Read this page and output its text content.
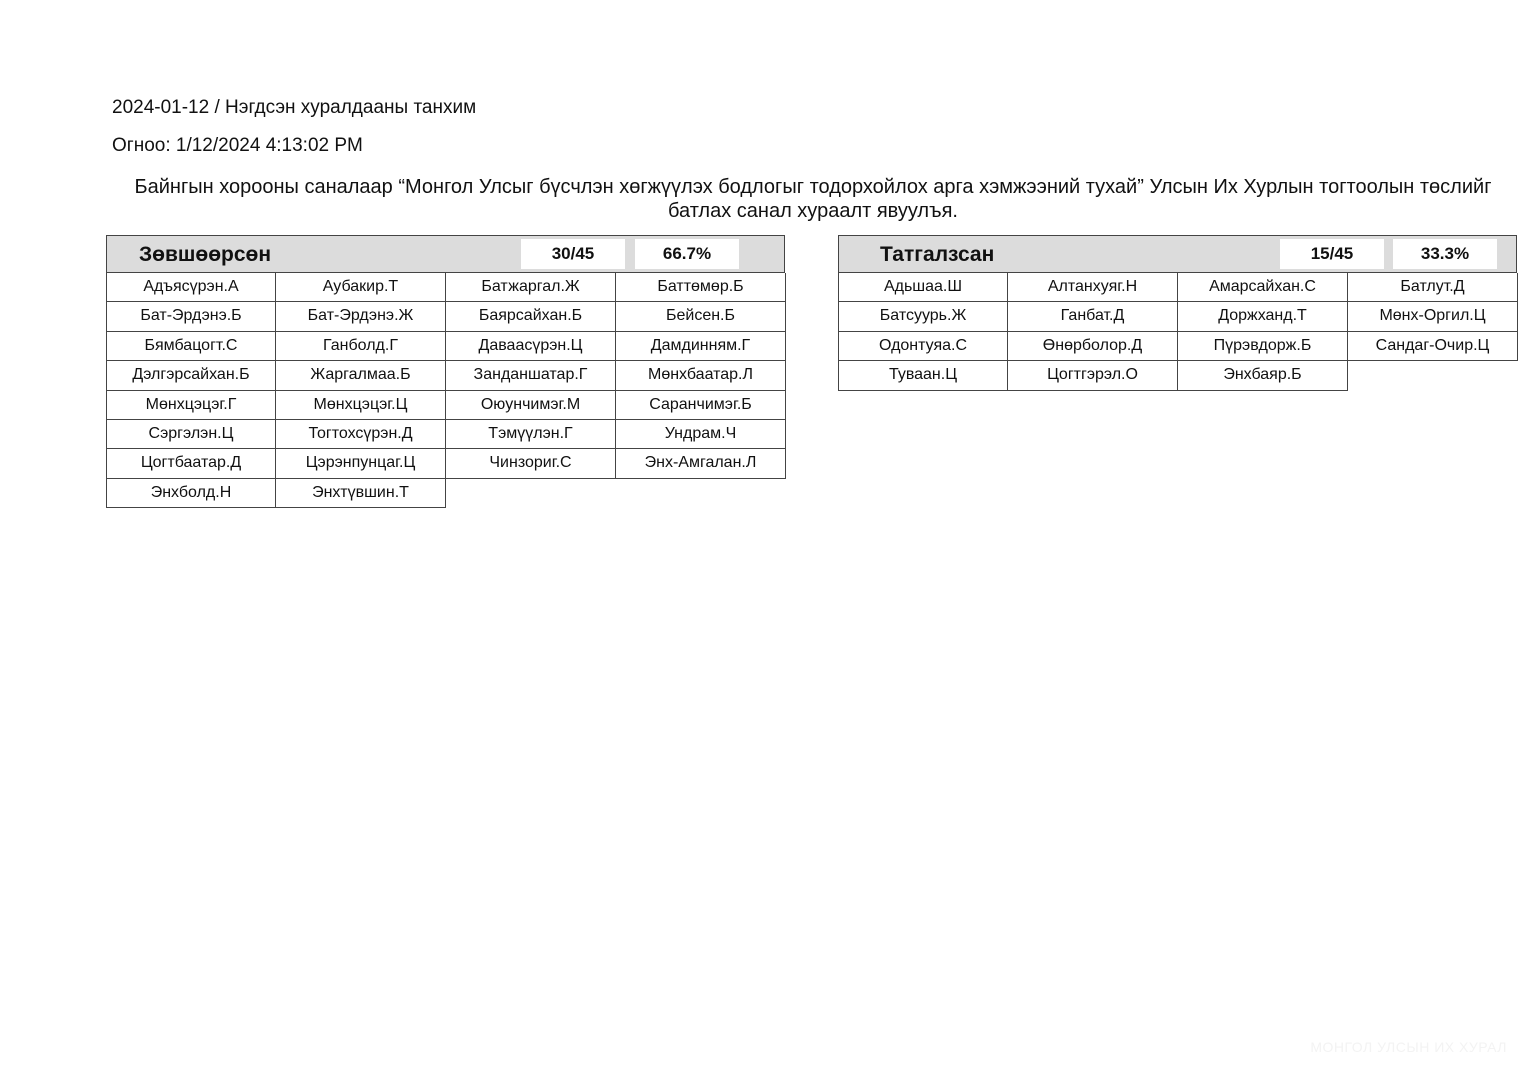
2024-01-12 / Нэгдсэн хуралдааны танхим
Огноо: 1/12/2024 4:13:02 PM
Байнгын хорооны саналаар “Монгол Улсыг бүсчлэн хөгжүүлэх бодлогыг тодорхойлох арга хэмжээний тухай” Улсын Их Хурлын тогтоолын төслийг батлах санал хураалт явуулъя.
Зөвшөөрсөн	30/45	66.7%
Адъясүрэн.А	Аубакир.Т	Батжаргал.Ж	Баттөмөр.Б
Бат-Эрдэнэ.Б	Бат-Эрдэнэ.Ж	Баярсайхан.Б	Бейсен.Б
Бямбацогт.С	Ганболд.Г	Даваасүрэн.Ц	Дамдинням.Г
Дэлгэрсайхан.Б	Жаргалмаа.Б	Занданшатар.Г	Мөнхбаатар.Л
Мөнхцэцэг.Г	Мөнхцэцэг.Ц	Оюунчимэг.М	Саранчимэг.Б
Сэргэлэн.Ц	Тогтохсүрэн.Д	Тэмүүлэн.Г	Ундрам.Ч
Цогтбаатар.Д	Цэрэнпунцаг.Ц	Чинзориг.С	Энх-Амгалан.Л
Энхболд.Н	Энхтүвшин.Т
Татгалзсан	15/45	33.3%
Адьшаа.Ш	Алтанхуяг.Н	Амарсайхан.С	Батлут.Д
Батсуурь.Ж	Ганбат.Д	Доржханд.Т	Мөнх-Оргил.Ц
Одонтуяа.С	Өнөрболор.Д	Пүрэвдорж.Б	Сандаг-Очир.Ц
Туваан.Ц	Цогтгэрэл.О	Энхбаяр.Б
МОНГОЛ УЛСЫН ИХ ХУРАЛ
